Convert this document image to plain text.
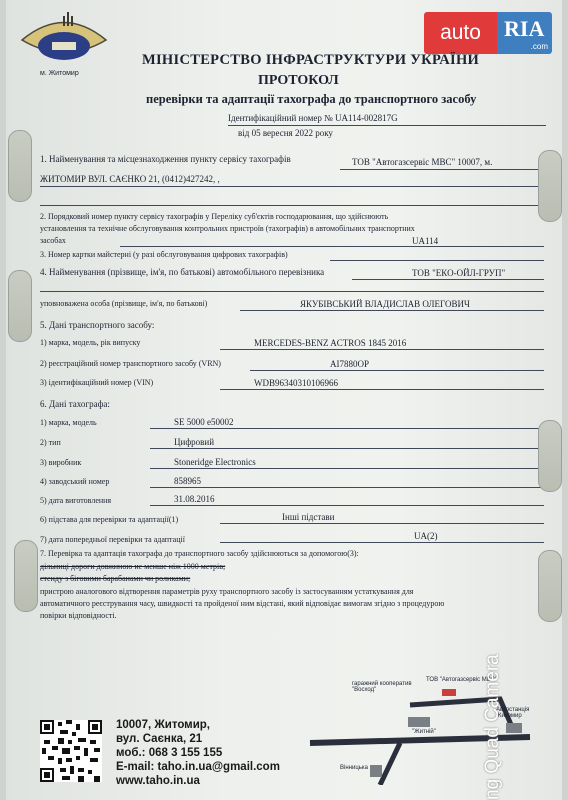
м. Житомир
auto	RIA
.com
МІНІСТЕРСТВО ІНФРАСТРУКТУРИ УКРАЇНИ
ПРОТОКОЛ
перевірки та адаптації тахографа до транспортного засобу
Ідентифікаційний номер № UA114-002817G
від 05 вересня 2022 року
1. Найменування та місцезнаходження пункту сервісу тахографів	ТОВ "Автогазсервіс МВС" 10007, м.
ЖИТОМИР ВУЛ. САЄНКО 21, (0412)427242, ,
2. Порядковий номер пункту сервісу тахографів у Переліку суб'єктів господарювання, що здійснюють
установлення та технічне обслуговування контрольних пристроїв (тахографів) в автомобільних транспортних
засобах	UA114
3. Номер картки майстерні (у разі обслуговування цифрових тахографів)
4. Найменування (прізвище, ім'я, по батькові) автомобільного перевізника	ТОВ "ЕКО-ОЙЛ-ГРУП"
уповноважена особа (прізвище, ім'я, по батькові)	ЯКУБІВСЬКИЙ ВЛАДИСЛАВ ОЛЕГОВИЧ
5. Дані транспортного засобу:
1) марка, модель, рік випуску	MERCEDES-BENZ ACTROS 1845 2016
2) реєстраційний номер транспортного засобу (VRN)	AI7880OP
3) ідентифікаційний номер (VIN)	WDB96340310106966
6. Дані тахографа:
1) марка, модель	SE 5000 e50002
2) тип	Цифровий
3) виробник	Stoneridge Electronics
4) заводський номер	858965
5) дата виготовлення	31.08.2016
6) підстава для перевірки та адаптації(1)	Інші підстави
7) дата попередньої перевірки та адаптації	UA(2)
7. Перевірка та адаптація тахографа до транспортного засобу здійснюються за допомогою(3):
дільниці дороги довжиною не менше ніж 1000 метрів;
стенду з біговими барабанами чи роликами;
пристрою аналогового відтворення параметрів руху транспортного засобу із застосуванням устаткування для
автоматичного реєстрування часу, швидкості та пройденої ним відстані, який відповідає вимогам згідно з процедурою
повірки відповідності.
10007, Житомир,
вул. Саєнка, 21
моб.: 068 3 155 155
E-mail: taho.in.ua@gmail.com
www.taho.in.ua
гаражний кооператив "Восход"
ТОВ "Автогазсервіс МВС"
"Житній"
Автостанція Житомир
Вінницька	ng Quad Camera
